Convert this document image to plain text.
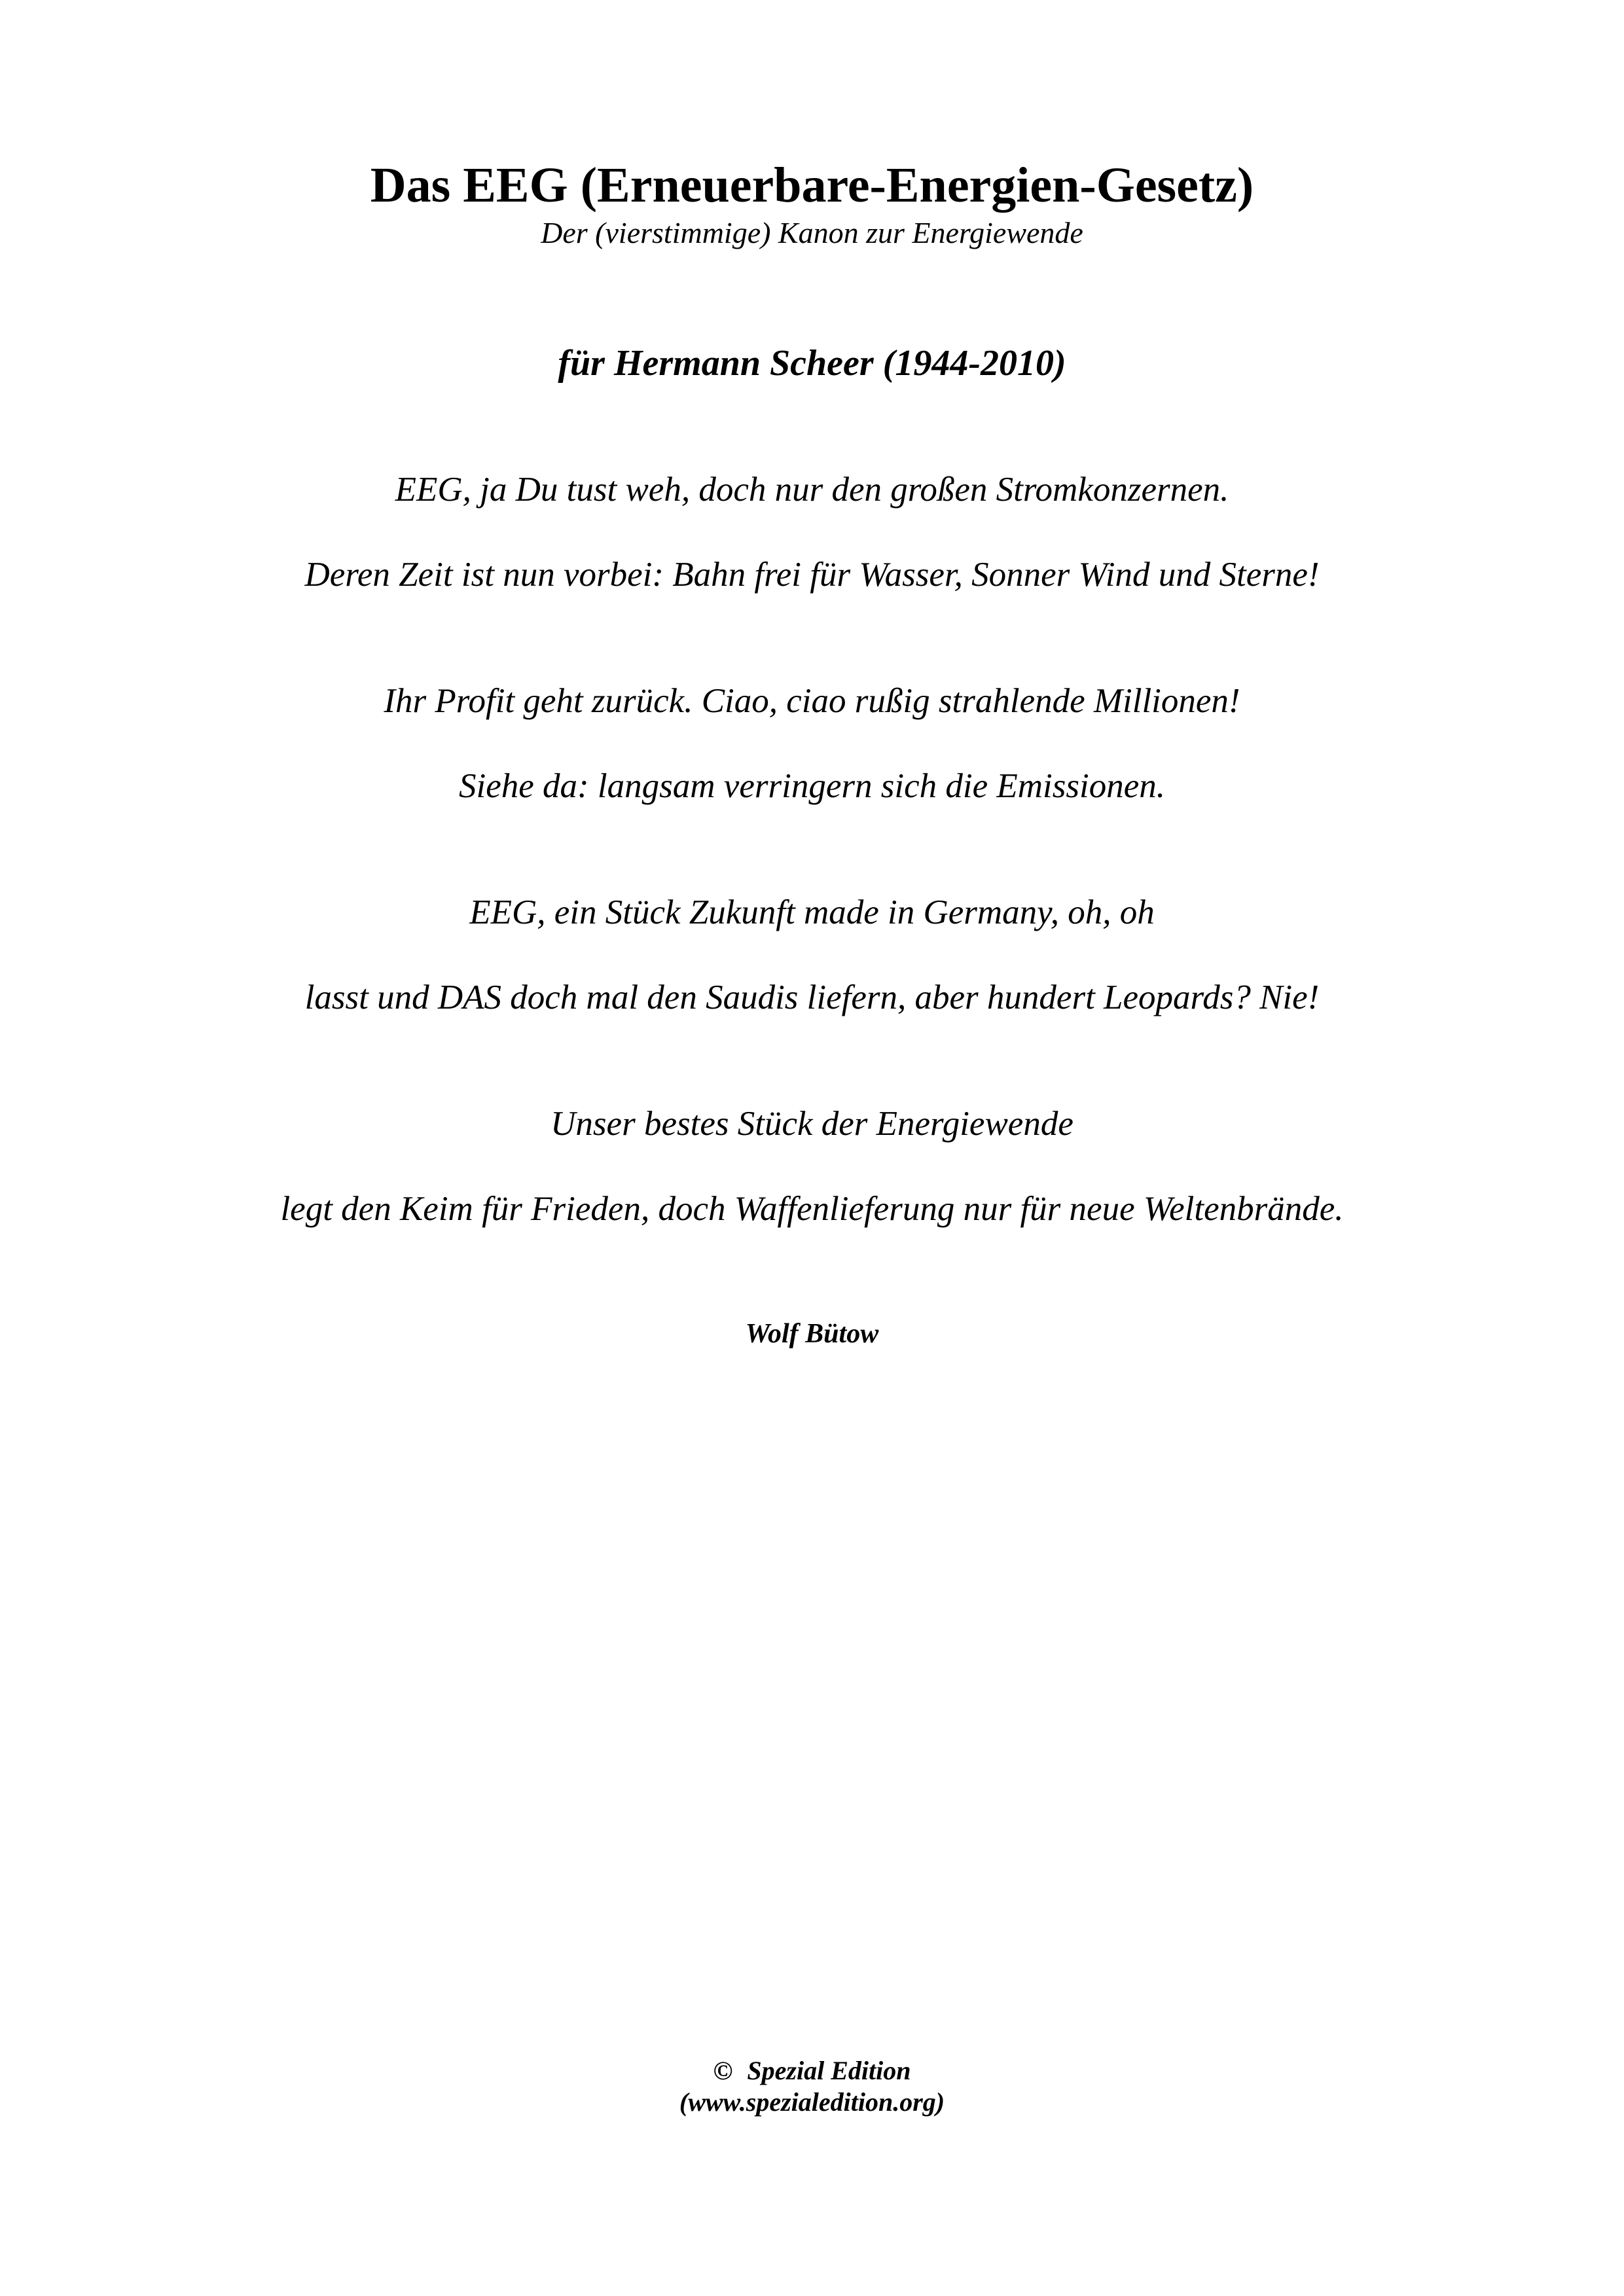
Das EEG (Erneuerbare-Energien-Gesetz)
Der (vierstimmige) Kanon zur Energiewende
für Hermann Scheer (1944-2010)
EEG, ja Du tust weh, doch nur den großen Stromkonzernen.
Deren Zeit ist nun vorbei: Bahn frei für Wasser, Sonner Wind und Sterne!
Ihr Profit geht zurück. Ciao, ciao rußig strahlende Millionen!
Siehe da: langsam verringern sich die Emissionen.
EEG, ein Stück Zukunft made in Germany, oh, oh
lasst und DAS doch mal den Saudis liefern, aber hundert Leopards? Nie!
Unser bestes Stück der Energiewende
legt den Keim für Frieden, doch Waffenlieferung nur für neue Weltenbrände.
Wolf Bütow
© Spezial Edition
(www.spezialedition.org)
